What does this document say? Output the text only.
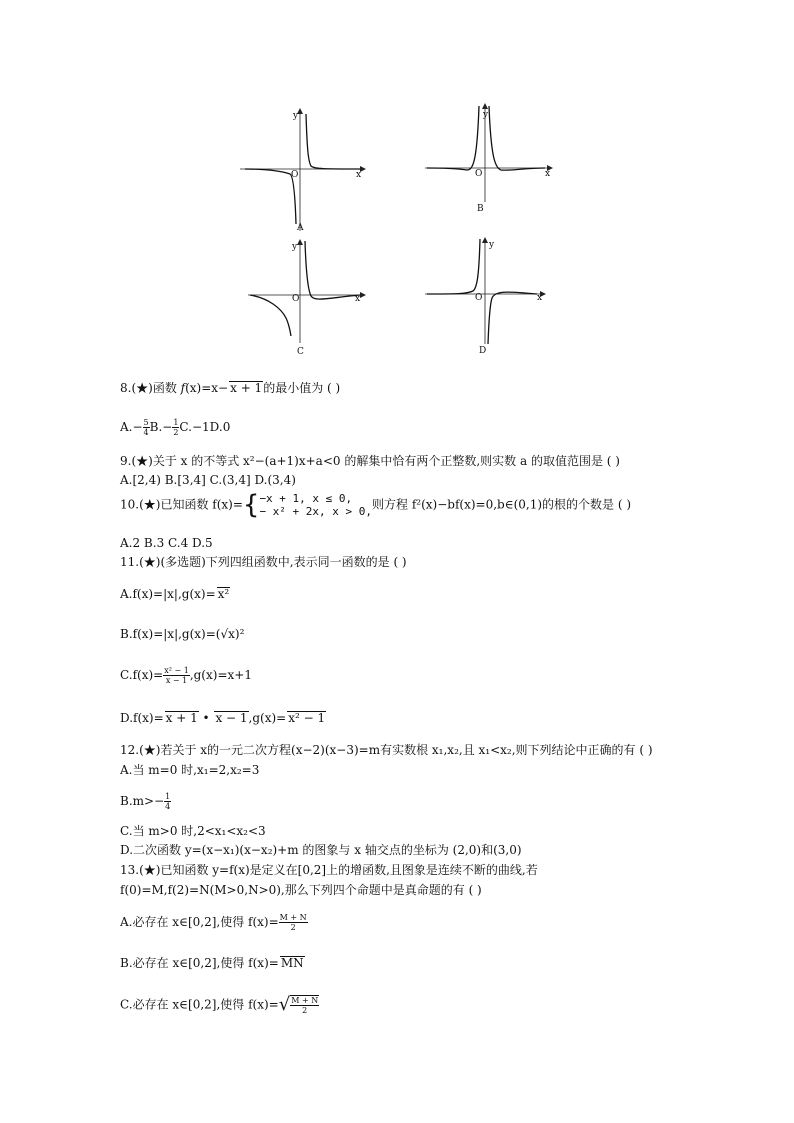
y
x
O
A
y
x
O
B
y
x
O
C
y
x
O
D
8.(★)函数 f(x)=x− x + 1的最小值为 ( )
$A.- \frac{5}{4} B.- \frac{1}{2} C.-1D.0$
9.(★)关于 x 的不等式 x²−(a+1)x+a<0 的解集中恰有两个正整数,则实数 a 的取值范围是 ( )
A.[2,4) B.[3,4] C.(3,4] D.(3,4)
10.(★)已知函数 f(x)={ −x + 1, x ≤ 0,
− x² + 2x, x > 0, 则方程 f²(x)−bf(x)=0,b∈(0,1)的根的个数是 ( )
A.2 B.3 C.4 D.5
11.(★)(多选题)下列四组函数中,表示同一函数的是 ( )
A.f(x)=|x|,g(x)= x²
B.f(x)=|x|,g(x)=(√x)²
$C.f(x)= \frac{\text{x² − 1}}{x - 1} ,g(x)=x+1$
D.f(x)= x + 1 • x − 1,g(x)= x² − 1
12.(★)若关于 x的一元二次方程(x−2)(x−3)=m有实数根 x₁,x₂,且 x₁<x₂,则下列结论中正确的有 ( )
A.当 m=0 时,x₁=2,x₂=3
$B.m>- \frac{1}{4}$
C.当 m>0 时,2<x₁<x₂<3
D.二次函数 y=(x−x₁)(x−x₂)+m 的图象与 x 轴交点的坐标为 (2,0)和(3,0)
13.(★)已知函数 y=f(x)是定义在[0,2]上的增函数,且图象是连续不断的曲线,若
f(0)=M,f(2)=N(M>0,N>0),那么下列四个命题中是真命题的有 ( )
A.必存在 x∈[0,2],使得 $f(x)= \frac{M + N}{2}$
B.必存在 x∈[0,2],使得 f(x)= MN
C.必存在 x∈[0,2],使得 $f(x)=√ \frac{M + N}{2}$
